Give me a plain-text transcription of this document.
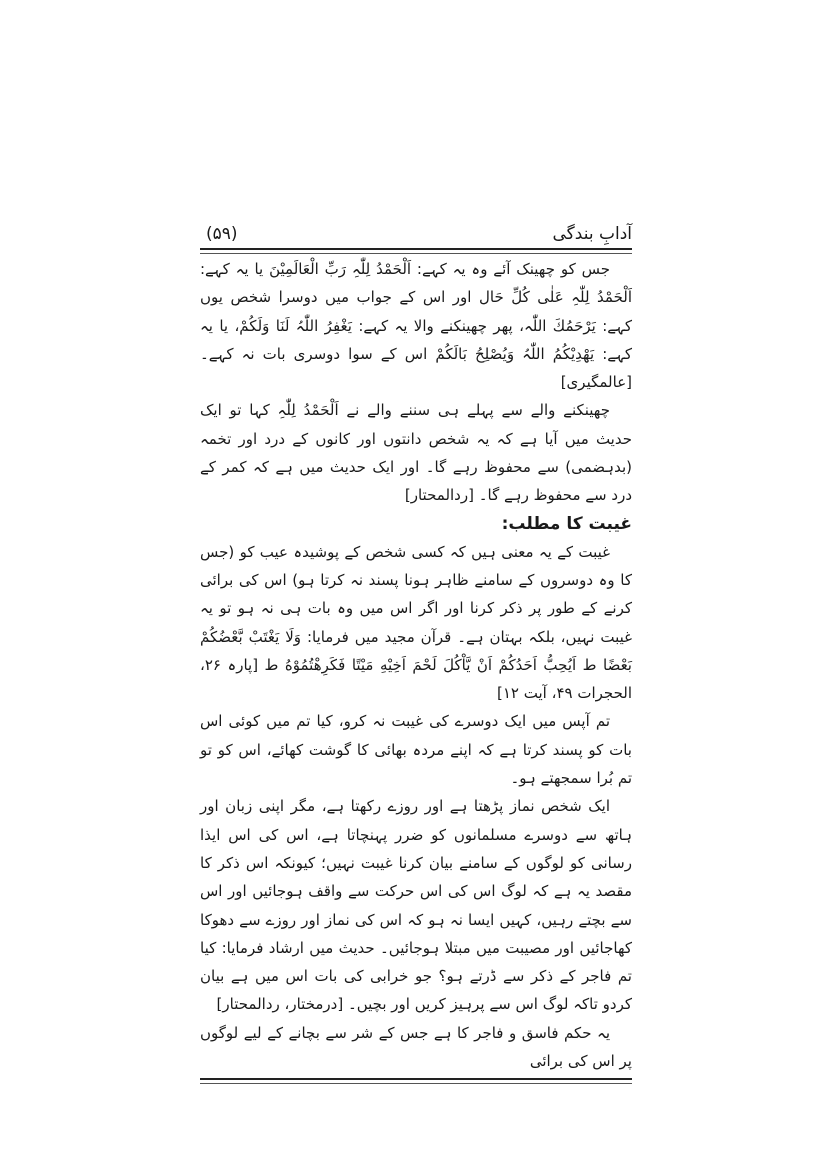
آدابِ بندگی
(۵۹)

جس کو چھینک آئے وہ یہ کہے: اَلْحَمْدُ لِلّٰہِ رَبِّ الْعَالَمِیْنَ یا یہ کہے: اَلْحَمْدُ لِلّٰہِ عَلٰی کُلِّ حَال اور اس کے جواب میں دوسرا شخص یوں کہے: یَرْحَمُكَ اللّٰہ، پھر چھینکنے والا یہ کہے: یَغْفِرُ اللّٰہُ لَنَا وَلَكُمْ، یا یہ کہے: یَھْدِیْكُمُ اللّٰہُ وَیُصْلِحُ بَالَكُمْ اس کے سوا دوسری بات نہ کہے۔ [عالمگیری]

چھینکنے والے سے پہلے ہی سننے والے نے اَلْحَمْدُ لِلّٰہِ کہا تو ایک حدیث میں آیا ہے کہ یہ شخص دانتوں اور کانوں کے درد اور تخمہ (بدہضمی) سے محفوظ رہے گا۔ اور ایک حدیث میں ہے کہ کمر کے درد سے محفوظ رہے گا۔ [ردالمحتار]

غیبت کا مطلب:

غیبت کے یہ معنی ہیں کہ کسی شخص کے پوشیدہ عیب کو (جس کا وہ دوسروں کے سامنے ظاہر ہونا پسند نہ کرتا ہو) اس کی برائی کرنے کے طور پر ذکر کرنا اور اگر اس میں وہ بات ہی نہ ہو تو یہ غیبت نہیں، بلکہ بہتان ہے۔ قرآن مجید میں فرمایا: وَلَا یَغْتَبْ بَّعْضُكُمْ بَعْضًا ط اَیُحِبُّ اَحَدُكُمْ اَنْ یَّاْكُلَ لَحْمَ اَخِیْهِ مَیْتًا فَكَرِهْتُمُوْهُ ط [پارہ ۲۶، الحجرات ۴۹، آیت ۱۲]

تم آپس میں ایک دوسرے کی غیبت نہ کرو، کیا تم میں کوئی اس بات کو پسند کرتا ہے کہ اپنے مردہ بھائی کا گوشت کھائے، اس کو تو تم بُرا سمجھتے ہو۔

ایک شخص نماز پڑھتا ہے اور روزے رکھتا ہے، مگر اپنی زبان اور ہاتھ سے دوسرے مسلمانوں کو ضرر پہنچاتا ہے، اس کی اس ایذا رسانی کو لوگوں کے سامنے بیان کرنا غیبت نہیں؛ کیونکہ اس ذکر کا مقصد یہ ہے کہ لوگ اس کی اس حرکت سے واقف ہوجائیں اور اس سے بچتے رہیں، کہیں ایسا نہ ہو کہ اس کی نماز اور روزے سے دھوکا کھاجائیں اور مصیبت میں مبتلا ہوجائیں۔ حدیث میں ارشاد فرمایا: کیا تم فاجر کے ذکر سے ڈرتے ہو؟ جو خرابی کی بات اس میں ہے بیان کردو تاکہ لوگ اس سے پرہیز کریں اور بچیں۔ [درمختار، ردالمحتار]

یہ حکم فاسق و فاجر کا ہے جس کے شر سے بچانے کے لیے لوگوں پر اس کی برائی
